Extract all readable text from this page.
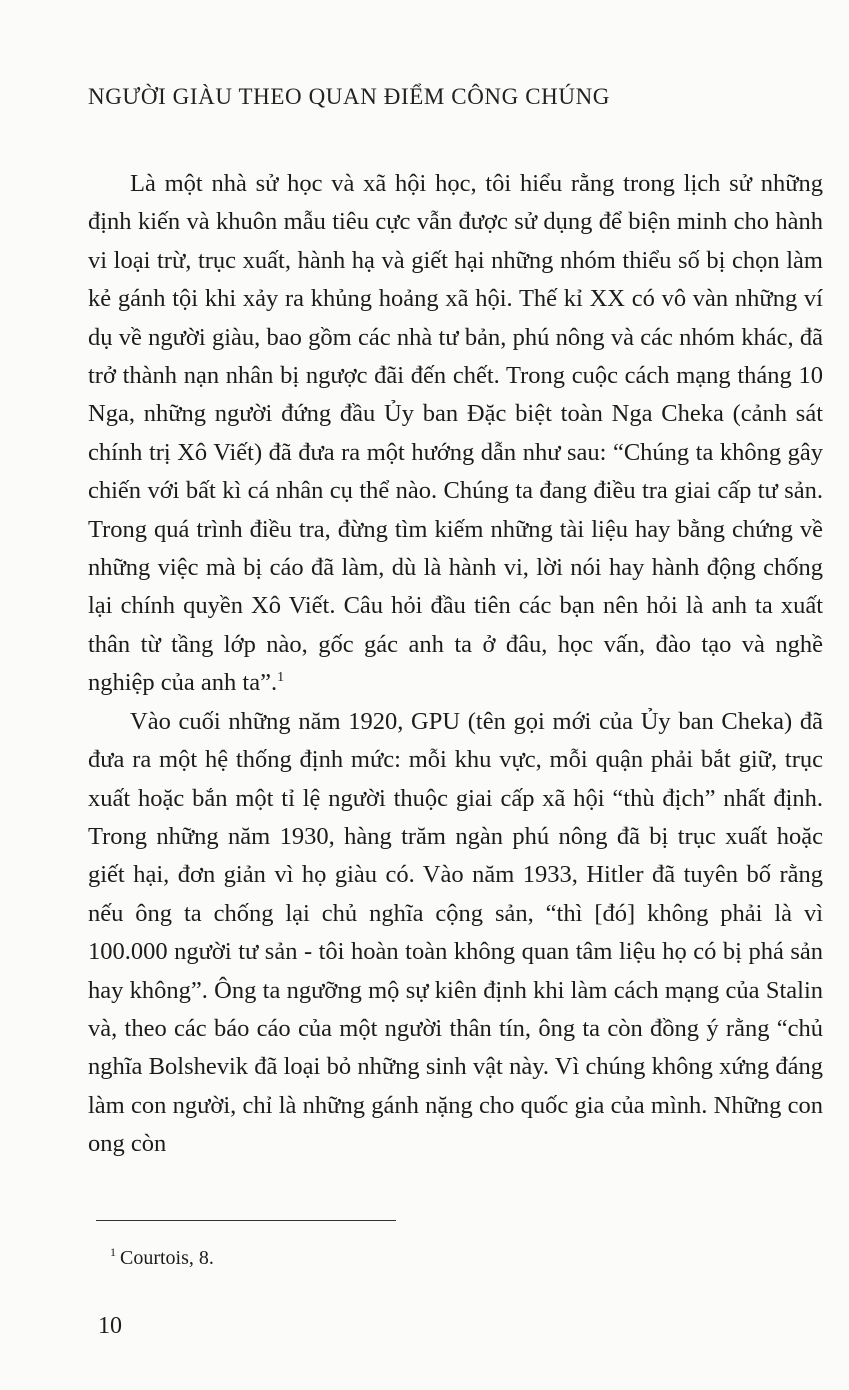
NGƯỜI GIÀU THEO QUAN ĐIỂM CÔNG CHÚNG

Là một nhà sử học và xã hội học, tôi hiểu rằng trong lịch sử những định kiến và khuôn mẫu tiêu cực vẫn được sử dụng để biện minh cho hành vi loại trừ, trục xuất, hành hạ và giết hại những nhóm thiểu số bị chọn làm kẻ gánh tội khi xảy ra khủng hoảng xã hội. Thế kỉ XX có vô vàn những ví dụ về người giàu, bao gồm các nhà tư bản, phú nông và các nhóm khác, đã trở thành nạn nhân bị ngược đãi đến chết. Trong cuộc cách mạng tháng 10 Nga, những người đứng đầu Ủy ban Đặc biệt toàn Nga Cheka (cảnh sát chính trị Xô Viết) đã đưa ra một hướng dẫn như sau: “Chúng ta không gây chiến với bất kì cá nhân cụ thể nào. Chúng ta đang điều tra giai cấp tư sản. Trong quá trình điều tra, đừng tìm kiếm những tài liệu hay bằng chứng về những việc mà bị cáo đã làm, dù là hành vi, lời nói hay hành động chống lại chính quyền Xô Viết. Câu hỏi đầu tiên các bạn nên hỏi là anh ta xuất thân từ tầng lớp nào, gốc gác anh ta ở đâu, học vấn, đào tạo và nghề nghiệp của anh ta”.$^1$

Vào cuối những năm 1920, GPU (tên gọi mới của Ủy ban Cheka) đã đưa ra một hệ thống định mức: mỗi khu vực, mỗi quận phải bắt giữ, trục xuất hoặc bắn một tỉ lệ người thuộc giai cấp xã hội “thù địch” nhất định. Trong những năm 1930, hàng trăm ngàn phú nông đã bị trục xuất hoặc giết hại, đơn giản vì họ giàu có. Vào năm 1933, Hitler đã tuyên bố rằng nếu ông ta chống lại chủ nghĩa cộng sản, “thì [đó] không phải là vì 100.000 người tư sản - tôi hoàn toàn không quan tâm liệu họ có bị phá sản hay không”. Ông ta ngưỡng mộ sự kiên định khi làm cách mạng của Stalin và, theo các báo cáo của một người thân tín, ông ta còn đồng ý rằng “chủ nghĩa Bolshevik đã loại bỏ những sinh vật này. Vì chúng không xứng đáng làm con người, chỉ là những gánh nặng cho quốc gia của mình. Những con ong còn

$^1$ Courtois, 8.
10
